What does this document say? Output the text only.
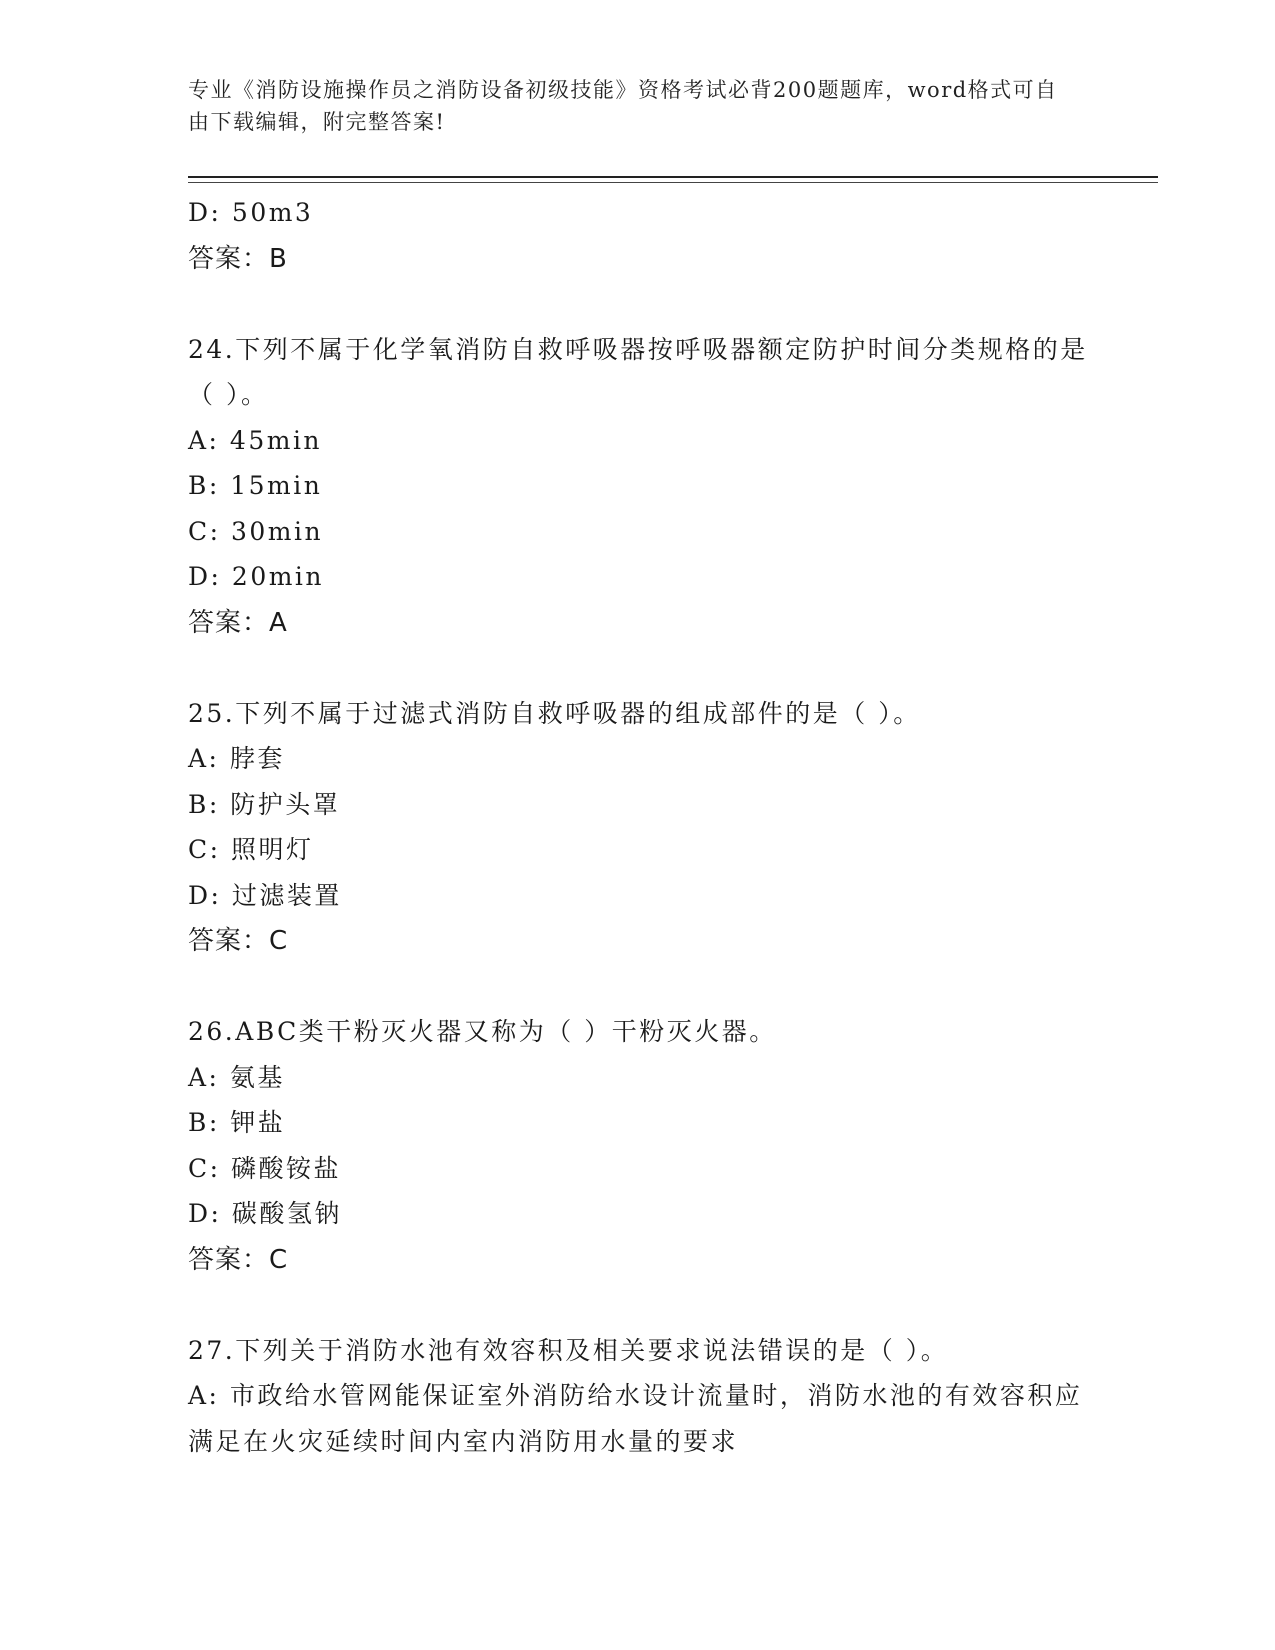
专业《消防设施操作员之消防设备初级技能》资格考试必背200题题库，word格式可自由下载编辑，附完整答案!
D: 50m3
答案：B
24.下列不属于化学氧消防自救呼吸器按呼吸器额定防护时间分类规格的是（ ）。
A: 45min
B: 15min
C: 30min
D: 20min
答案：A
25.下列不属于过滤式消防自救呼吸器的组成部件的是（ ）。
A: 脖套
B: 防护头罩
C: 照明灯
D: 过滤装置
答案：C
26.ABC类干粉灭火器又称为（ ）干粉灭火器。
A: 氨基
B: 钾盐
C: 磷酸铵盐
D: 碳酸氢钠
答案：C
27.下列关于消防水池有效容积及相关要求说法错误的是（ ）。
A: 市政给水管网能保证室外消防给水设计流量时，消防水池的有效容积应满足在火灾延续时间内室内消防用水量的要求
